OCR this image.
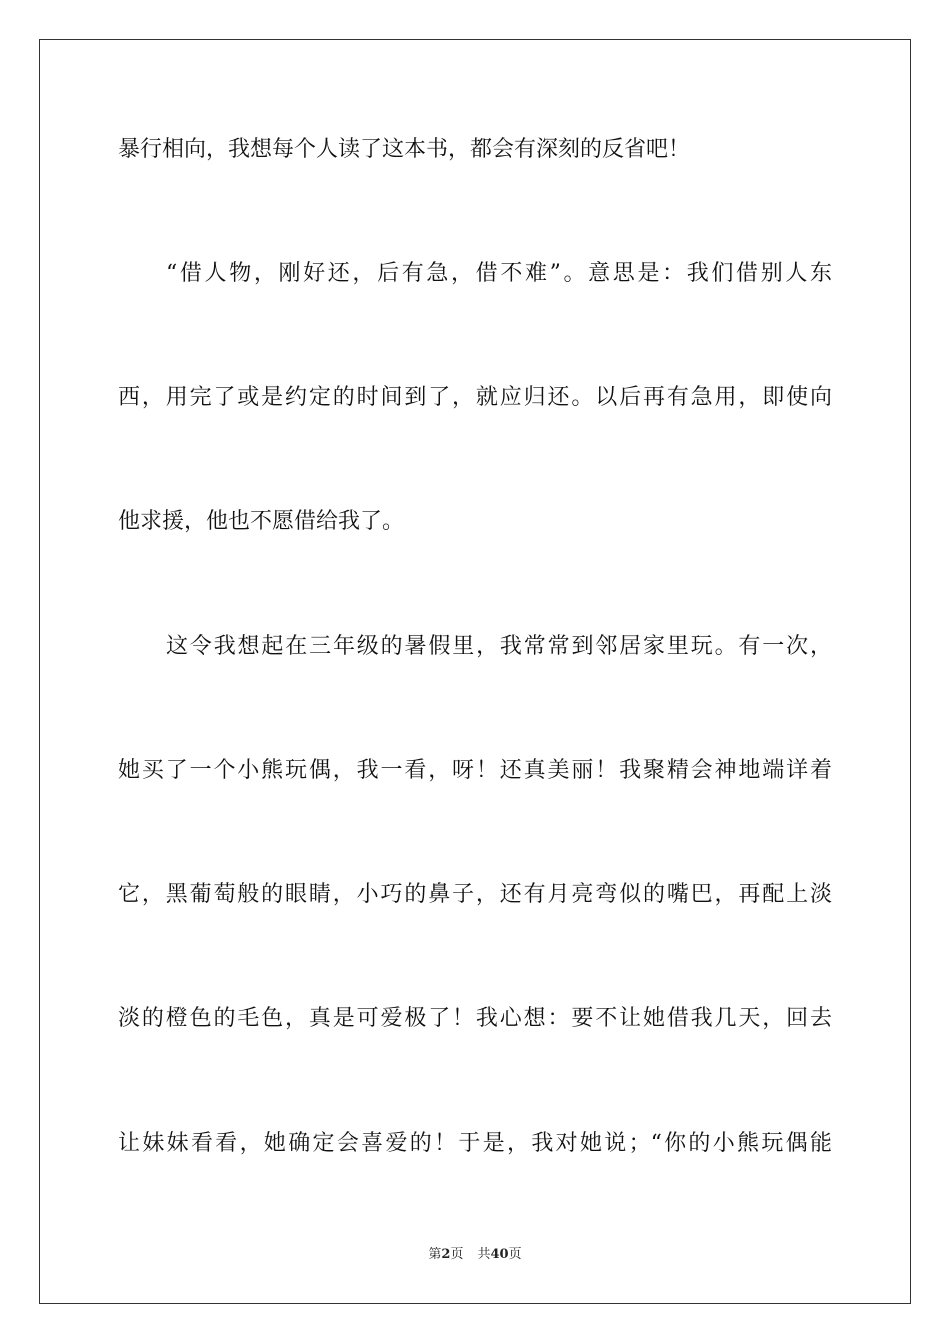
暴行相向，我想每个人读了这本书，都会有深刻的反省吧！
“借人物，刚好还，后有急，借不难”。意思是：我们借别人东
西，用完了或是约定的时间到了，就应归还。以后再有急用，即使向
他求援，他也不愿借给我了。
这令我想起在三年级的暑假里，我常常到邻居家里玩。有一次，
她买了一个小熊玩偶，我一看，呀！还真美丽！我聚精会神地端详着
它，黑葡萄般的眼睛，小巧的鼻子，还有月亮弯似的嘴巴，再配上淡
淡的橙色的毛色，真是可爱极了！我心想：要不让她借我几天，回去
让妹妹看看，她确定会喜爱的！于是，我对她说；“你的小熊玩偶能
第2页 共40页
